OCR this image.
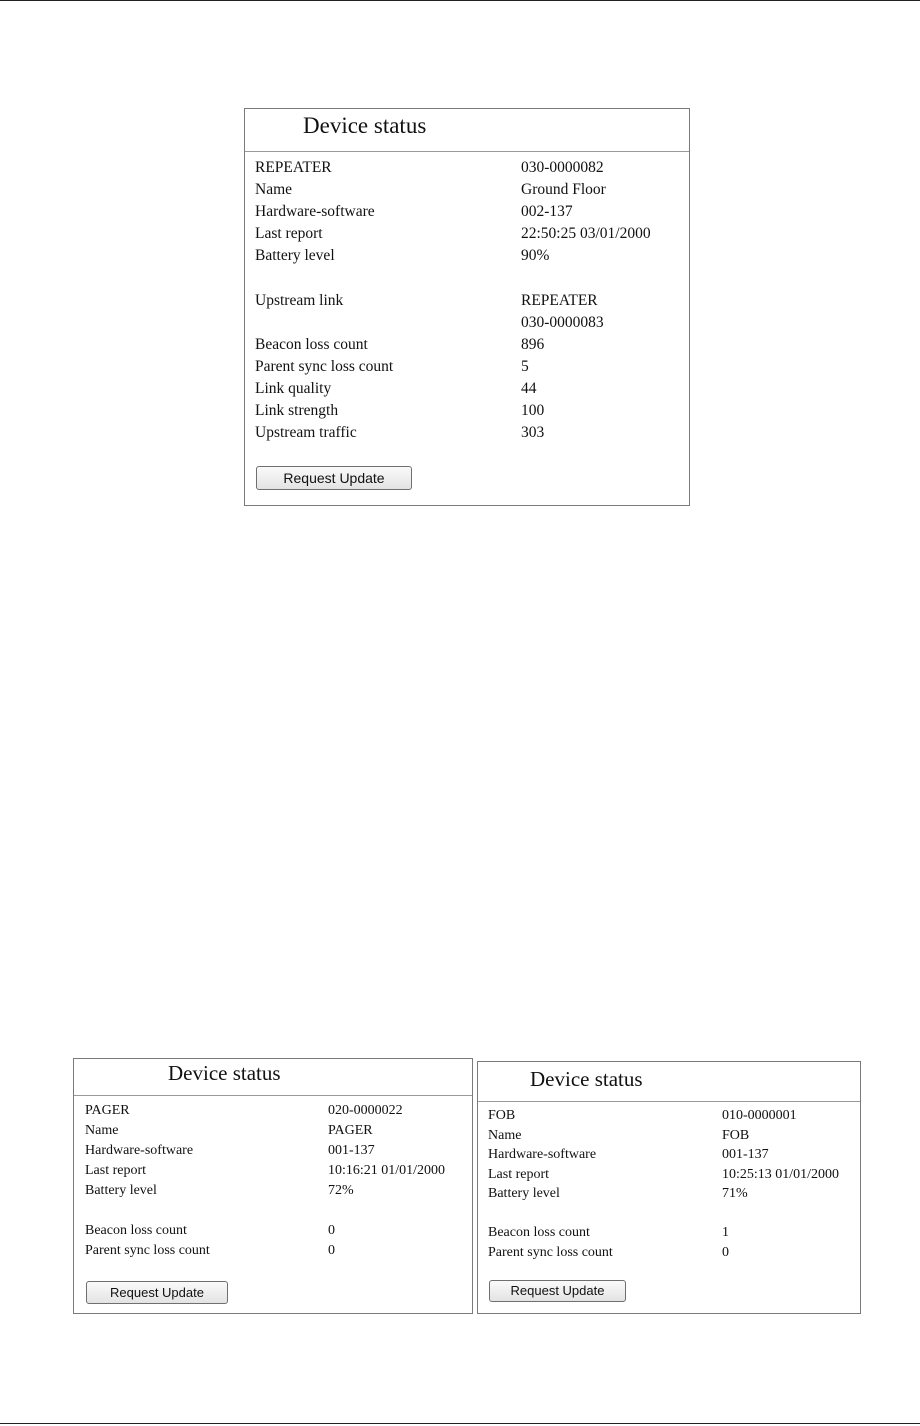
Device status
REPEATER	030-0000082
Name	Ground Floor
Hardware-software	002-137
Last report	22:50:25 03/01/2000
Battery level	90%
Upstream link	REPEATER
030-0000083
Beacon loss count	896
Parent sync loss count	5
Link quality	44
Link strength	100
Upstream traffic	303
Request Update
Device status
PAGER	020-0000022
Name	PAGER
Hardware-software	001-137
Last report	10:16:21 01/01/2000
Battery level	72%
Beacon loss count	0
Parent sync loss count	0
Request Update
Device status
FOB	010-0000001
Name	FOB
Hardware-software	001-137
Last report	10:25:13 01/01/2000
Battery level	71%
Beacon loss count	1
Parent sync loss count	0
Request Update
